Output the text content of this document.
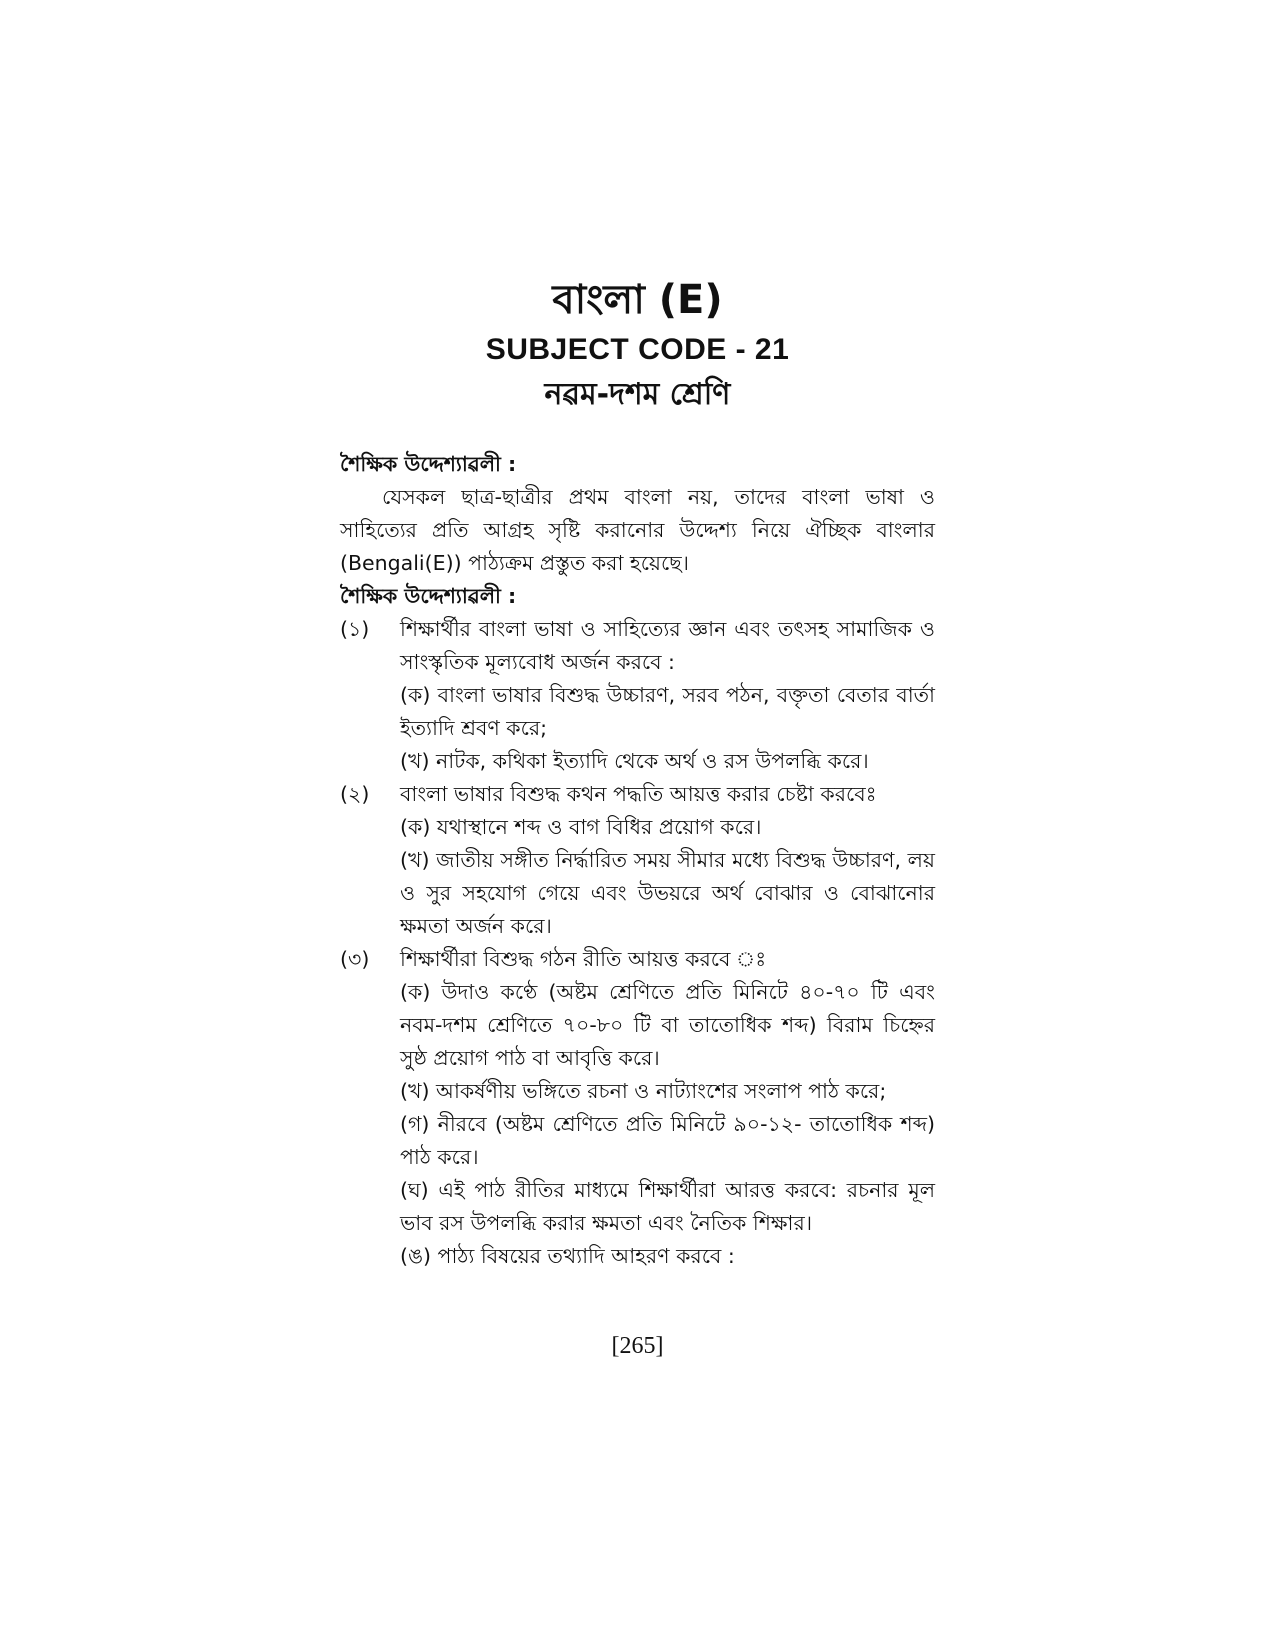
বাংলা (E)
SUBJECT CODE - 21
নৱম-দশম শ্রেণি

শৈক্ষিক উদ্দেশ্যাৱলী :

যেসকল ছাত্র-ছাত্রীর প্রথম বাংলা নয়, তাদের বাংলা ভাষা ও সাহিত্যের প্রতি আগ্রহ সৃষ্টি করানোর উদ্দেশ্য নিয়ে ঐচ্ছিক বাংলার (Bengali(E)) পাঠ্যক্রম প্রস্তুত করা হয়েছে।

শৈক্ষিক উদ্দেশ্যাৱলী :

(১)	শিক্ষার্থীর বাংলা ভাষা ও সাহিত্যের জ্ঞান এবং তৎসহ সামাজিক ও সাংস্কৃতিক মূল্যবোধ অর্জন করবে :

(ক) বাংলা ভাষার বিশুদ্ধ উচ্চারণ, সরব পঠন, বক্তৃতা বেতার বার্তা ইত্যাদি শ্রবণ করে;

(খ) নাটক, কথিকা ইত্যাদি থেকে অর্থ ও রস উপলব্ধি করে।

(২)	বাংলা ভাষার বিশুদ্ধ কথন পদ্ধতি আয়ত্ত করার চেষ্টা করবেঃ

(ক) যথাস্থানে শব্দ ও বাগ বিধির প্রয়োগ করে।

(খ) জাতীয় সঙ্গীত নির্দ্ধারিত সময় সীমার মধ্যে বিশুদ্ধ উচ্চারণ, লয় ও সুর সহযোগ গেয়ে এবং উভয়রে অর্থ বোঝার ও বোঝানোর ক্ষমতা অর্জন করে।

(৩)	শিক্ষার্থীরা বিশুদ্ধ গঠন রীতি আয়ত্ত করবে ঃ

(ক) উদাও কণ্ঠে (অষ্টম শ্রেণিতে প্রতি মিনিটে ৪০-৭০ টি এবং নবম-দশম শ্রেণিতে ৭০-৮০ টি বা তাতোধিক শব্দ) বিরাম চিহ্নের সুষ্ঠ প্রয়োগ পাঠ বা আবৃত্তি করে।

(খ) আকর্ষণীয় ভঙ্গিতে রচনা ও নাট্যাংশের সংলাপ পাঠ করে;

(গ) নীরবে (অষ্টম শ্রেণিতে প্রতি মিনিটে ৯০-১২- তাতোধিক শব্দ) পাঠ করে।

(ঘ) এই পাঠ রীতির মাধ্যমে শিক্ষার্থীরা আরত্ত করবে: রচনার মূল ভাব রস উপলব্ধি করার ক্ষমতা এবং নৈতিক শিক্ষার।

(ঙ) পাঠ্য বিষয়ের তথ্যাদি আহরণ করবে :

[265]
